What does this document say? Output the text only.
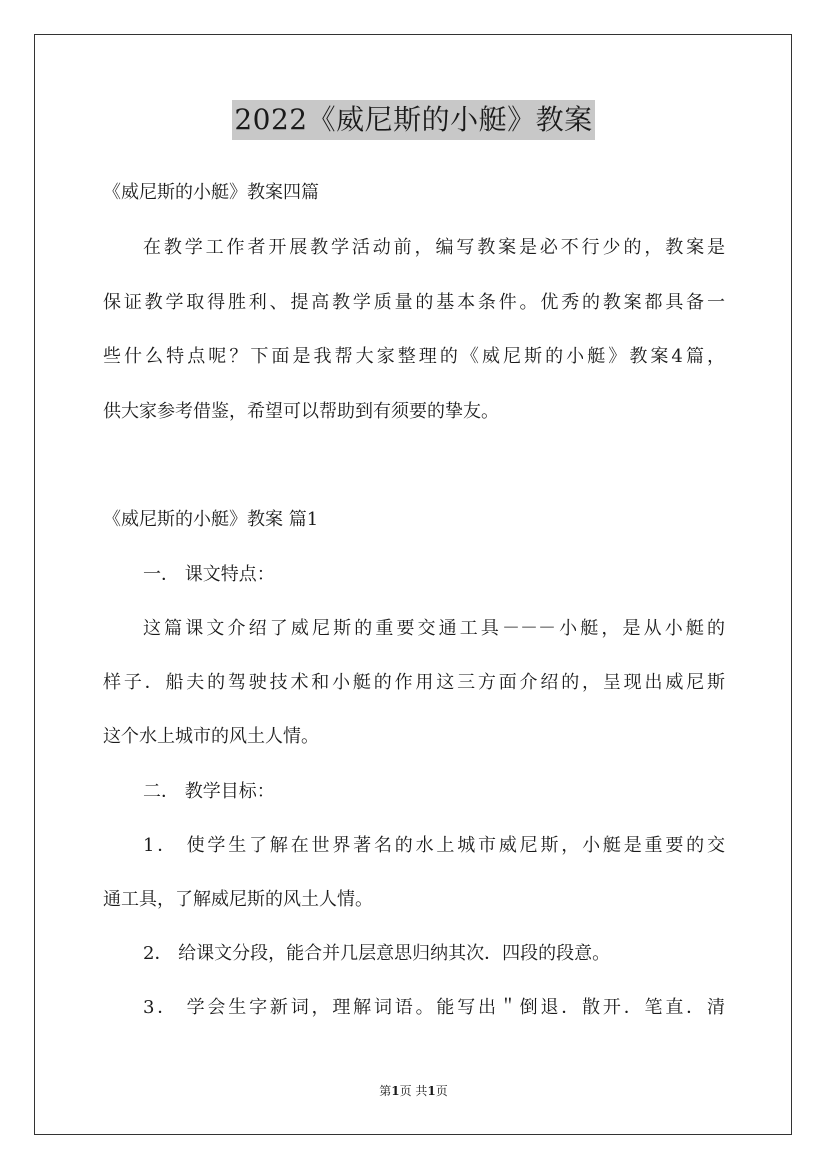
2022《威尼斯的小艇》教案
《威尼斯的小艇》教案四篇
在教学工作者开展教学活动前，编写教案是必不行少的，教案是
保证教学取得胜利、提高教学质量的基本条件。优秀的教案都具备一
些什么特点呢？下面是我帮大家整理的《威尼斯的小艇》教案4篇，
供大家参考借鉴，希望可以帮助到有须要的挚友。
《威尼斯的小艇》教案 篇1
一． 课文特点：
这篇课文介绍了威尼斯的重要交通工具－－－小艇，是从小艇的
样子．船夫的驾驶技术和小艇的作用这三方面介绍的，呈现出威尼斯
这个水上城市的风土人情。
二． 教学目标：
1． 使学生了解在世界著名的水上城市威尼斯，小艇是重要的交
通工具，了解威尼斯的风土人情。
2． 给课文分段，能合并几层意思归纳其次．四段的段意。
3． 学会生字新词，理解词语。能写出＂倒退．散开．笔直．清
第1页 共1页
